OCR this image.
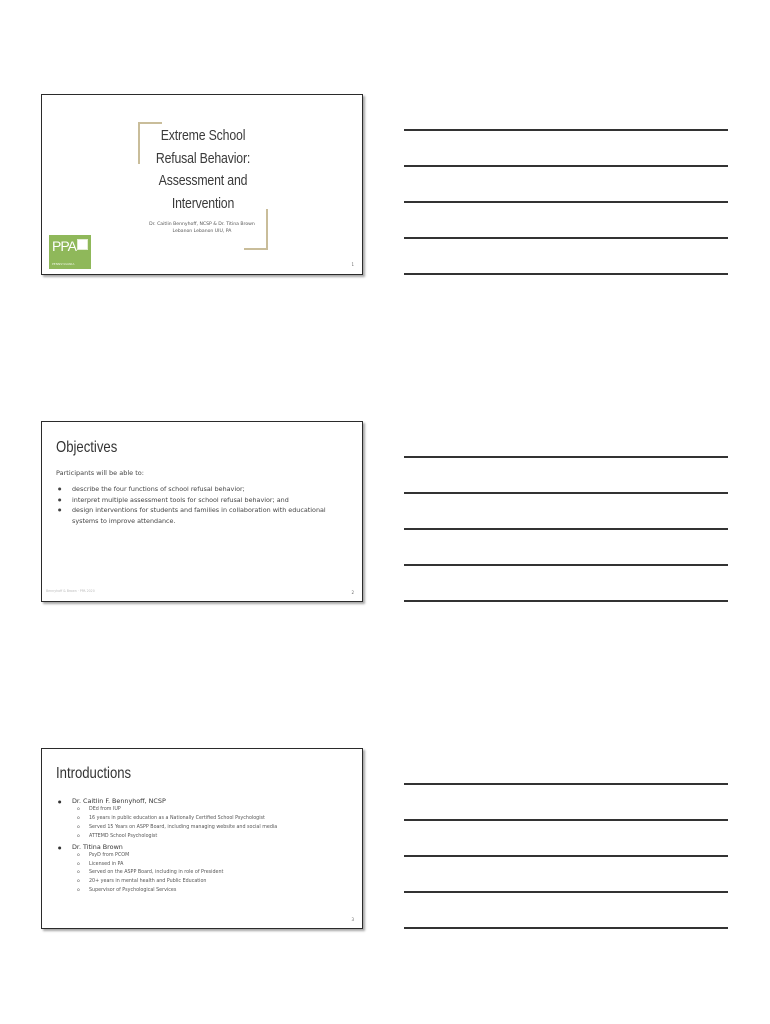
Extreme School
Refusal Behavior:
Assessment and
Intervention
Dr. Caitlin Bennyhoff, NCSP & Dr. Titina Brown
Lebanon Lebanon UIU, PA
PPA
PENNSYLVANIA	1
Objectives
Participants will be able to:
● describe the four functions of school refusal behavior;
● interpret multiple assessment tools for school refusal behavior; and
● design interventions for students and families in collaboration with educational systems to improve attendance.
Bennyhoff & Brown · PPA 2020	2
Introductions
● Dr. Caitlin F. Bennyhoff, NCSP
o DEd from IUP
o 16 years in public education as a Nationally Certified School Psychologist
o Served 15 Years on ASPP Board, including managing website and social media
o ATTEMD School Psychologist
● Dr. Titina Brown
o PsyD from PCOM
o Licensed in PA
o Served on the ASPP Board, including in role of President
o 20+ years in mental health and Public Education
o Supervisor of Psychological Services
3
